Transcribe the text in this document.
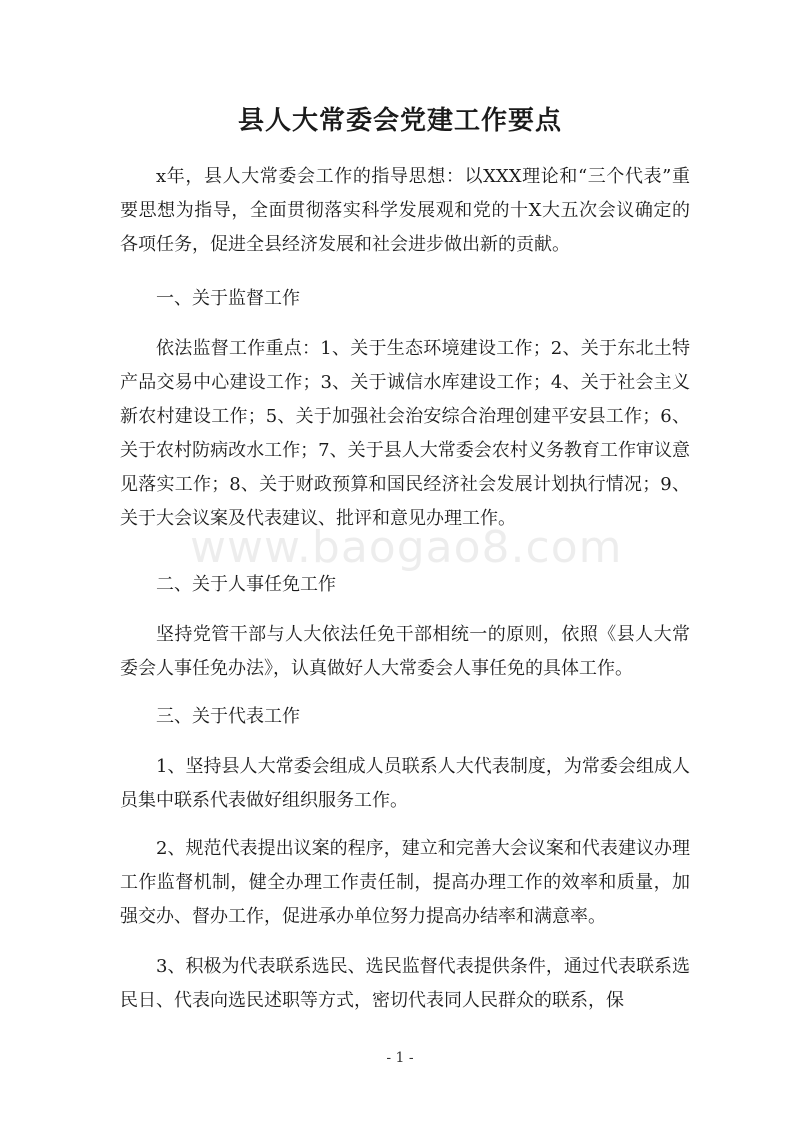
县人大常委会党建工作要点

x年，县人大常委会工作的指导思想：以XXX理论和“三个代表”重要思想为指导，全面贯彻落实科学发展观和党的十X大五次会议确定的各项任务，促进全县经济发展和社会进步做出新的贡献。

一、关于监督工作

依法监督工作重点：1、关于生态环境建设工作；2、关于东北土特产品交易中心建设工作；3、关于诚信水库建设工作；4、关于社会主义新农村建设工作；5、关于加强社会治安综合治理创建平安县工作；6、关于农村防病改水工作；7、关于县人大常委会农村义务教育工作审议意见落实工作；8、关于财政预算和国民经济社会发展计划执行情况；9、关于大会议案及代表建议、批评和意见办理工作。

二、关于人事任免工作

坚持党管干部与人大依法任免干部相统一的原则，依照《县人大常委会人事任免办法》，认真做好人大常委会人事任免的具体工作。

三、关于代表工作

1、坚持县人大常委会组成人员联系人大代表制度，为常委会组成人员集中联系代表做好组织服务工作。

2、规范代表提出议案的程序，建立和完善大会议案和代表建议办理工作监督机制，健全办理工作责任制，提高办理工作的效率和质量，加强交办、督办工作，促进承办单位努力提高办结率和满意率。

3、积极为代表联系选民、选民监督代表提供条件，通过代表联系选民日、代表向选民述职等方式，密切代表同人民群众的联系，保

www.baogao8.com
- 1 -
